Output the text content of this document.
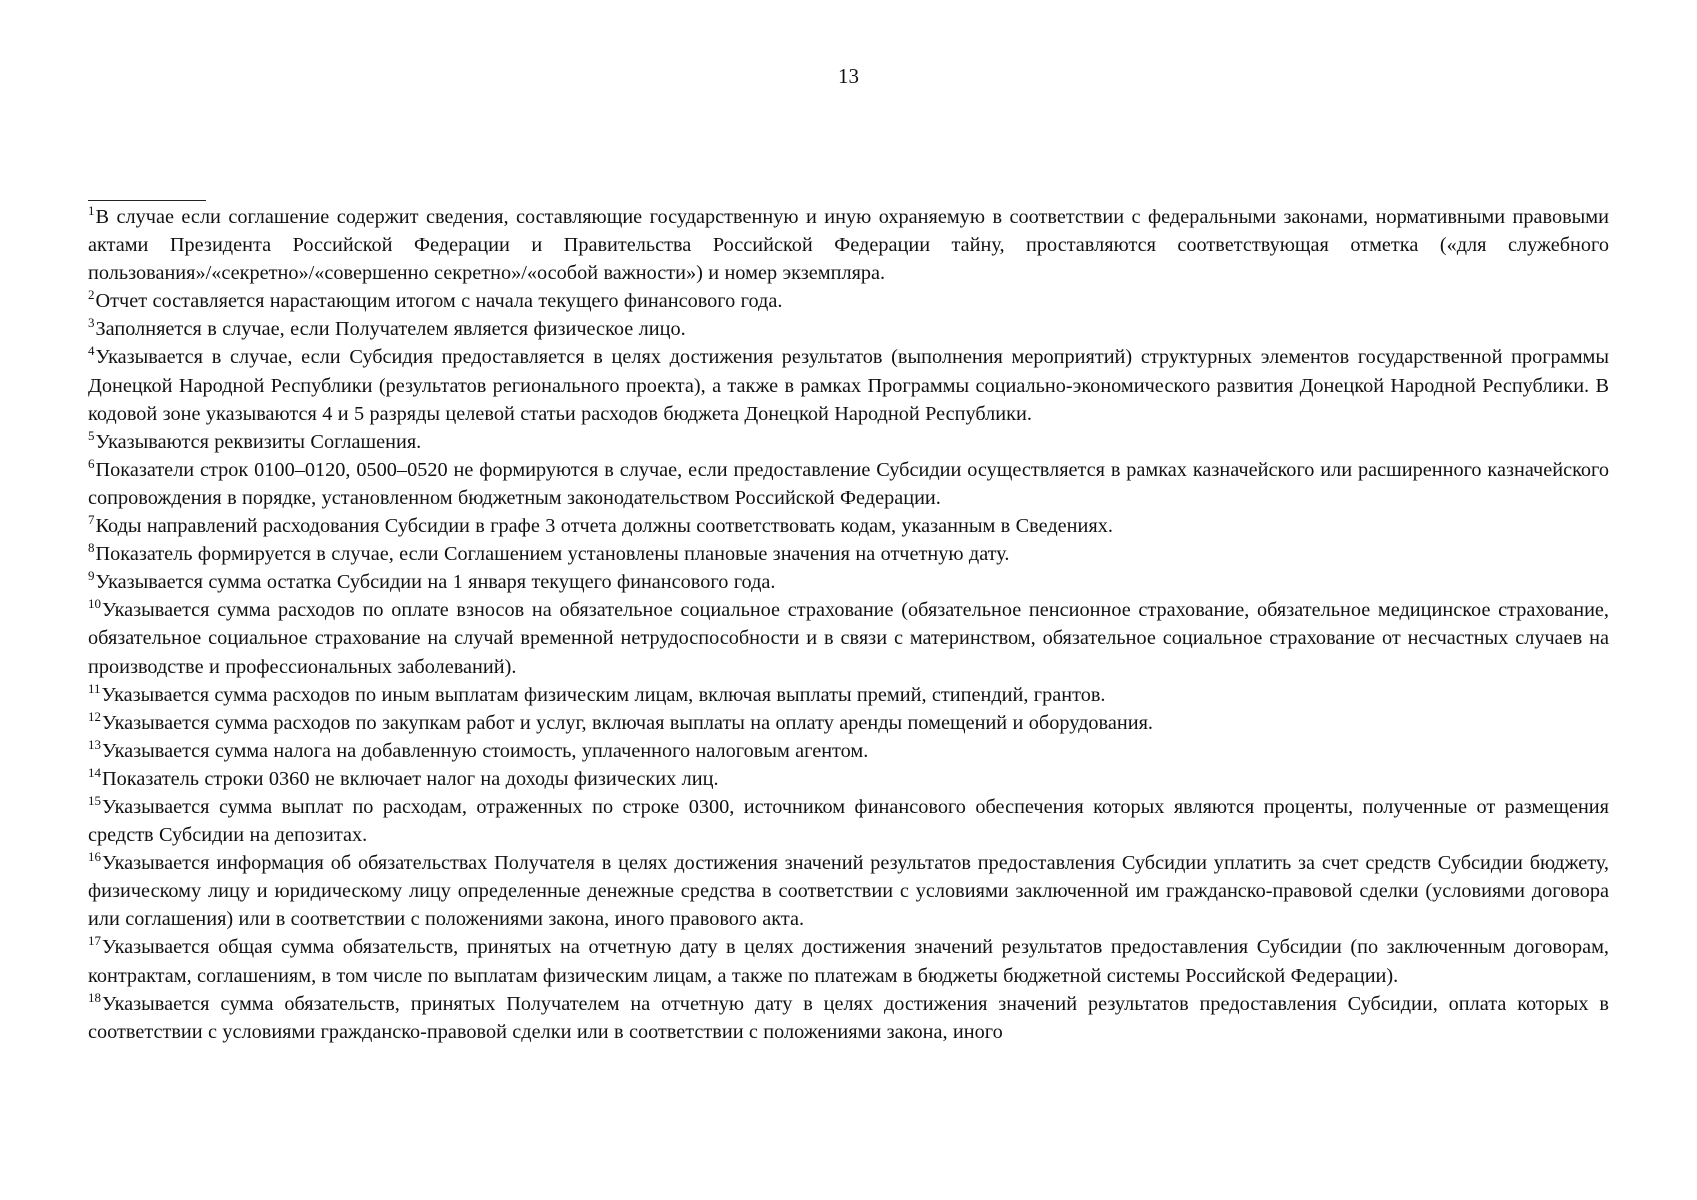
13
$^1$В случае если соглашение содержит сведения, составляющие государственную и иную охраняемую в соответствии с федеральными законами, нормативными правовыми актами Президента Российской Федерации и Правительства Российской Федерации тайну, проставляются соответствующая отметка («для служебного пользования»/«секретно»/«совершенно секретно»/«особой важности») и номер экземпляра.
$^2$Отчет составляется нарастающим итогом с начала текущего финансового года.
$^3$Заполняется в случае, если Получателем является физическое лицо.
$^4$Указывается в случае, если Субсидия предоставляется в целях достижения результатов (выполнения мероприятий) структурных элементов государственной программы Донецкой Народной Республики (результатов регионального проекта), а также в рамках Программы социально-экономического развития Донецкой Народной Республики. В кодовой зоне указываются 4 и 5 разряды целевой статьи расходов бюджета Донецкой Народной Республики.
$^5$Указываются реквизиты Соглашения.
$^6$Показатели строк 0100–0120, 0500–0520 не формируются в случае, если предоставление Субсидии осуществляется в рамках казначейского или расширенного казначейского сопровождения в порядке, установленном бюджетным законодательством Российской Федерации.
$^7$Коды направлений расходования Субсидии в графе 3 отчета должны соответствовать кодам, указанным в Сведениях.
$^8$Показатель формируется в случае, если Соглашением установлены плановые значения на отчетную дату.
$^9$Указывается сумма остатка Субсидии на 1 января текущего финансового года.
$^{10}$Указывается сумма расходов по оплате взносов на обязательное социальное страхование (обязательное пенсионное страхование, обязательное медицинское страхование, обязательное социальное страхование на случай временной нетрудоспособности и в связи с материнством, обязательное социальное страхование от несчастных случаев на производстве и профессиональных заболеваний).
$^{11}$Указывается сумма расходов по иным выплатам физическим лицам, включая выплаты премий, стипендий, грантов.
$^{12}$Указывается сумма расходов по закупкам работ и услуг, включая выплаты на оплату аренды помещений и оборудования.
$^{13}$Указывается сумма налога на добавленную стоимость, уплаченного налоговым агентом.
$^{14}$Показатель строки 0360 не включает налог на доходы физических лиц.
$^{15}$Указывается сумма выплат по расходам, отраженных по строке 0300, источником финансового обеспечения которых являются проценты, полученные от размещения средств Субсидии на депозитах.
$^{16}$Указывается информация об обязательствах Получателя в целях достижения значений результатов предоставления Субсидии уплатить за счет средств Субсидии бюджету, физическому лицу и юридическому лицу определенные денежные средства в соответствии с условиями заключенной им гражданско-правовой сделки (условиями договора или соглашения) или в соответствии с положениями закона, иного правового акта.
$^{17}$Указывается общая сумма обязательств, принятых на отчетную дату в целях достижения значений результатов предоставления Субсидии (по заключенным договорам, контрактам, соглашениям, в том числе по выплатам физическим лицам, а также по платежам в бюджеты бюджетной системы Российской Федерации).
$^{18}$Указывается сумма обязательств, принятых Получателем на отчетную дату в целях достижения значений результатов предоставления Субсидии, оплата которых в соответствии с условиями гражданско-правовой сделки или в соответствии с положениями закона, иного
